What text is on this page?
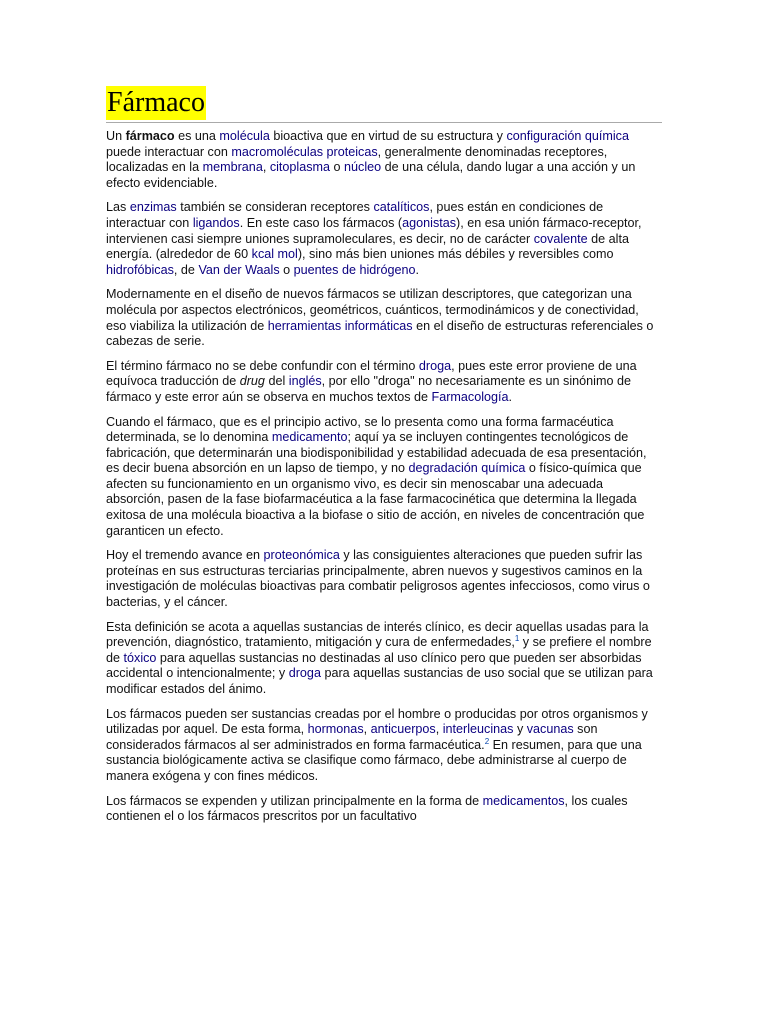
Fármaco

Un fármaco es una molécula bioactiva que en virtud de su estructura y configuración química puede interactuar con macromoléculas proteicas, generalmente denominadas receptores, localizadas en la membrana, citoplasma o núcleo de una célula, dando lugar a una acción y un efecto evidenciable.

Las enzimas también se consideran receptores catalíticos, pues están en condiciones de interactuar con ligandos. En este caso los fármacos (agonistas), en esa unión fármaco-receptor, intervienen casi siempre uniones supramoleculares, es decir, no de carácter covalente de alta energía. (alrededor de 60 kcal mol), sino más bien uniones más débiles y reversibles como hidrofóbicas, de Van der Waals o puentes de hidrógeno.

Modernamente en el diseño de nuevos fármacos se utilizan descriptores, que categorizan una molécula por aspectos electrónicos, geométricos, cuánticos, termodinámicos y de conectividad, eso viabiliza la utilización de herramientas informáticas en el diseño de estructuras referenciales o cabezas de serie.

El término fármaco no se debe confundir con el término droga, pues este error proviene de una equívoca traducción de drug del inglés, por ello "droga" no necesariamente es un sinónimo de fármaco y este error aún se observa en muchos textos de Farmacología.

Cuando el fármaco, que es el principio activo, se lo presenta como una forma farmacéutica determinada, se lo denomina medicamento; aquí ya se incluyen contingentes tecnológicos de fabricación, que determinarán una biodisponibilidad y estabilidad adecuada de esa presentación, es decir buena absorción en un lapso de tiempo, y no degradación química o físico-química que afecten su funcionamiento en un organismo vivo, es decir sin menoscabar una adecuada absorción, pasen de la fase biofarmacéutica a la fase farmacocinética que determina la llegada exitosa de una molécula bioactiva a la biofase o sitio de acción, en niveles de concentración que garanticen un efecto.

Hoy el tremendo avance en proteonómica y las consiguientes alteraciones que pueden sufrir las proteínas en sus estructuras terciarias principalmente, abren nuevos y sugestivos caminos en la investigación de moléculas bioactivas para combatir peligrosos agentes infecciosos, como virus o bacterias, y el cáncer.

Esta definición se acota a aquellas sustancias de interés clínico, es decir aquellas usadas para la prevención, diagnóstico, tratamiento, mitigación y cura de enfermedades,$^1$ y se prefiere el nombre de tóxico para aquellas sustancias no destinadas al uso clínico pero que pueden ser absorbidas accidental o intencionalmente; y droga para aquellas sustancias de uso social que se utilizan para modificar estados del ánimo.

Los fármacos pueden ser sustancias creadas por el hombre o producidas por otros organismos y utilizadas por aquel. De esta forma, hormonas, anticuerpos, interleucinas y vacunas son considerados fármacos al ser administrados en forma farmacéutica.$^2$ En resumen, para que una sustancia biológicamente activa se clasifique como fármaco, debe administrarse al cuerpo de manera exógena y con fines médicos.

Los fármacos se expenden y utilizan principalmente en la forma de medicamentos, los cuales contienen el o los fármacos prescritos por un facultativo
